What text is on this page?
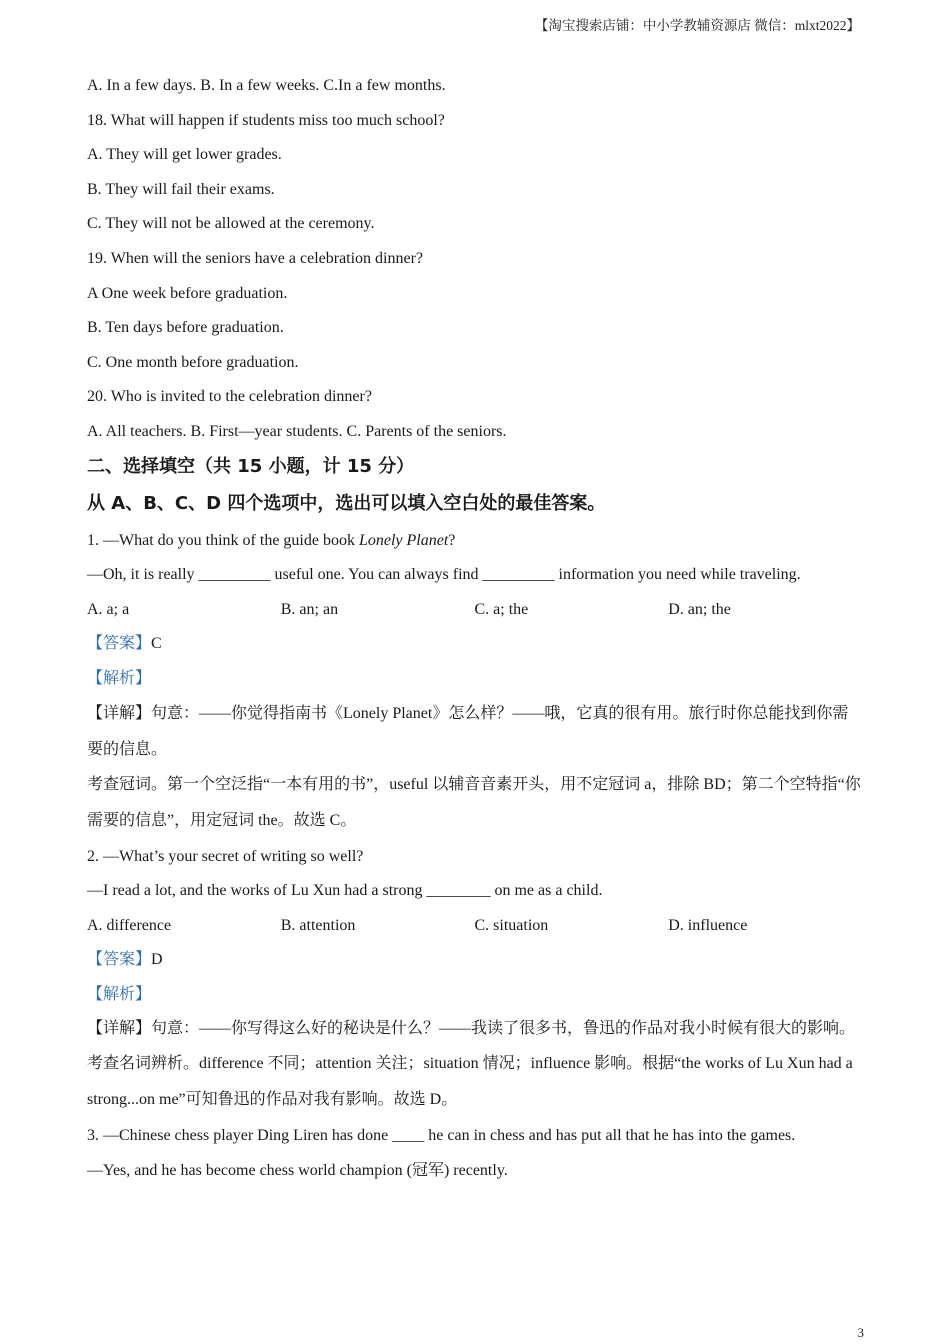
【淘宝搜索店铺：中小学教辅资源店 微信：mlxt2022】
A. In a few days. B. In a few weeks. C.In a few months.
18. What will happen if students miss too much school?
A. They will get lower grades.
B. They will fail their exams.
C. They will not be allowed at the ceremony.
19. When will the seniors have a celebration dinner?
A One week before graduation.
B. Ten days before graduation.
C. One month before graduation.
20. Who is invited to the celebration dinner?
A. All teachers. B. First—year students. C. Parents of the seniors.
二、选择填空（共 15 小题，计 15 分）
从 A、B、C、D 四个选项中，选出可以填入空白处的最佳答案。
1. —What do you think of the guide book Lonely Planet?
—Oh, it is really _________ useful one. You can always find _________ information you need while traveling.
A. a; a	B. an; an	C. a; the	D. an; the
【答案】C
【解析】
【详解】句意：——你觉得指南书《Lonely Planet》怎么样？——哦，它真的很有用。旅行时你总能找到你需要的信息。
考查冠词。第一个空泛指“一本有用的书”，useful 以辅音音素开头，用不定冠词 a，排除 BD；第二个空特指“你需要的信息”，用定冠词 the。故选 C。
2. —What’s your secret of writing so well?
—I read a lot, and the works of Lu Xun had a strong ________ on me as a child.
A. difference	B. attention	C. situation	D. influence
【答案】D
【解析】
【详解】句意：——你写得这么好的秘诀是什么？——我读了很多书，鲁迅的作品对我小时候有很大的影响。
考查名词辨析。difference 不同；attention 关注；situation 情况；influence 影响。根据“the works of Lu Xun had a strong...on me”可知鲁迅的作品对我有影响。故选 D。
3. —Chinese chess player Ding Liren has done ____ he can in chess and has put all that he has into the games.
—Yes, and he has become chess world champion (冠军) recently.
3
